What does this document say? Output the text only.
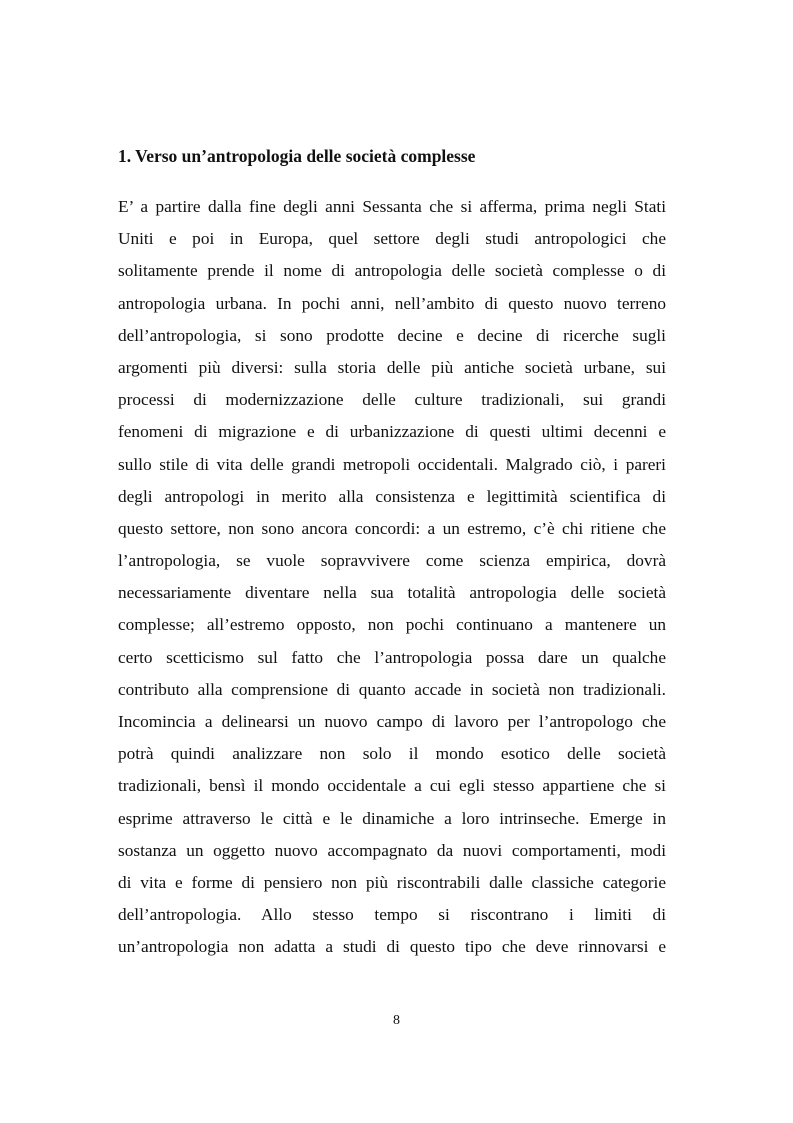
1. Verso un’antropologia delle società complesse
E’ a partire dalla fine degli anni Sessanta che si afferma, prima negli Stati
Uniti e poi in Europa, quel settore degli studi antropologici che
solitamente prende il nome di antropologia delle società complesse o di
antropologia urbana. In pochi anni, nell’ambito di questo nuovo terreno
dell’antropologia, si sono prodotte decine e decine di ricerche sugli
argomenti più diversi: sulla storia delle più antiche società urbane, sui
processi di modernizzazione delle culture tradizionali, sui grandi
fenomeni di migrazione e di urbanizzazione di questi ultimi decenni e
sullo stile di vita delle grandi metropoli occidentali. Malgrado ciò, i pareri
degli antropologi in merito alla consistenza e legittimità scientifica di
questo settore, non sono ancora concordi: a un estremo, c’è chi ritiene che
l’antropologia, se vuole sopravvivere come scienza empirica, dovrà
necessariamente diventare nella sua totalità antropologia delle società
complesse; all’estremo opposto, non pochi continuano a mantenere un
certo scetticismo sul fatto che l’antropologia possa dare un qualche
contributo alla comprensione di quanto accade in società non tradizionali.
Incomincia a delinearsi un nuovo campo di lavoro per l’antropologo che
potrà quindi analizzare non solo il mondo esotico delle società
tradizionali, bensì il mondo occidentale a cui egli stesso appartiene che si
esprime attraverso le città e le dinamiche a loro intrinseche. Emerge in
sostanza un oggetto nuovo accompagnato da nuovi comportamenti, modi
di vita e forme di pensiero non più riscontrabili dalle classiche categorie
dell’antropologia. Allo stesso tempo si riscontrano i limiti di
un’antropologia non adatta a studi di questo tipo che deve rinnovarsi e
8
